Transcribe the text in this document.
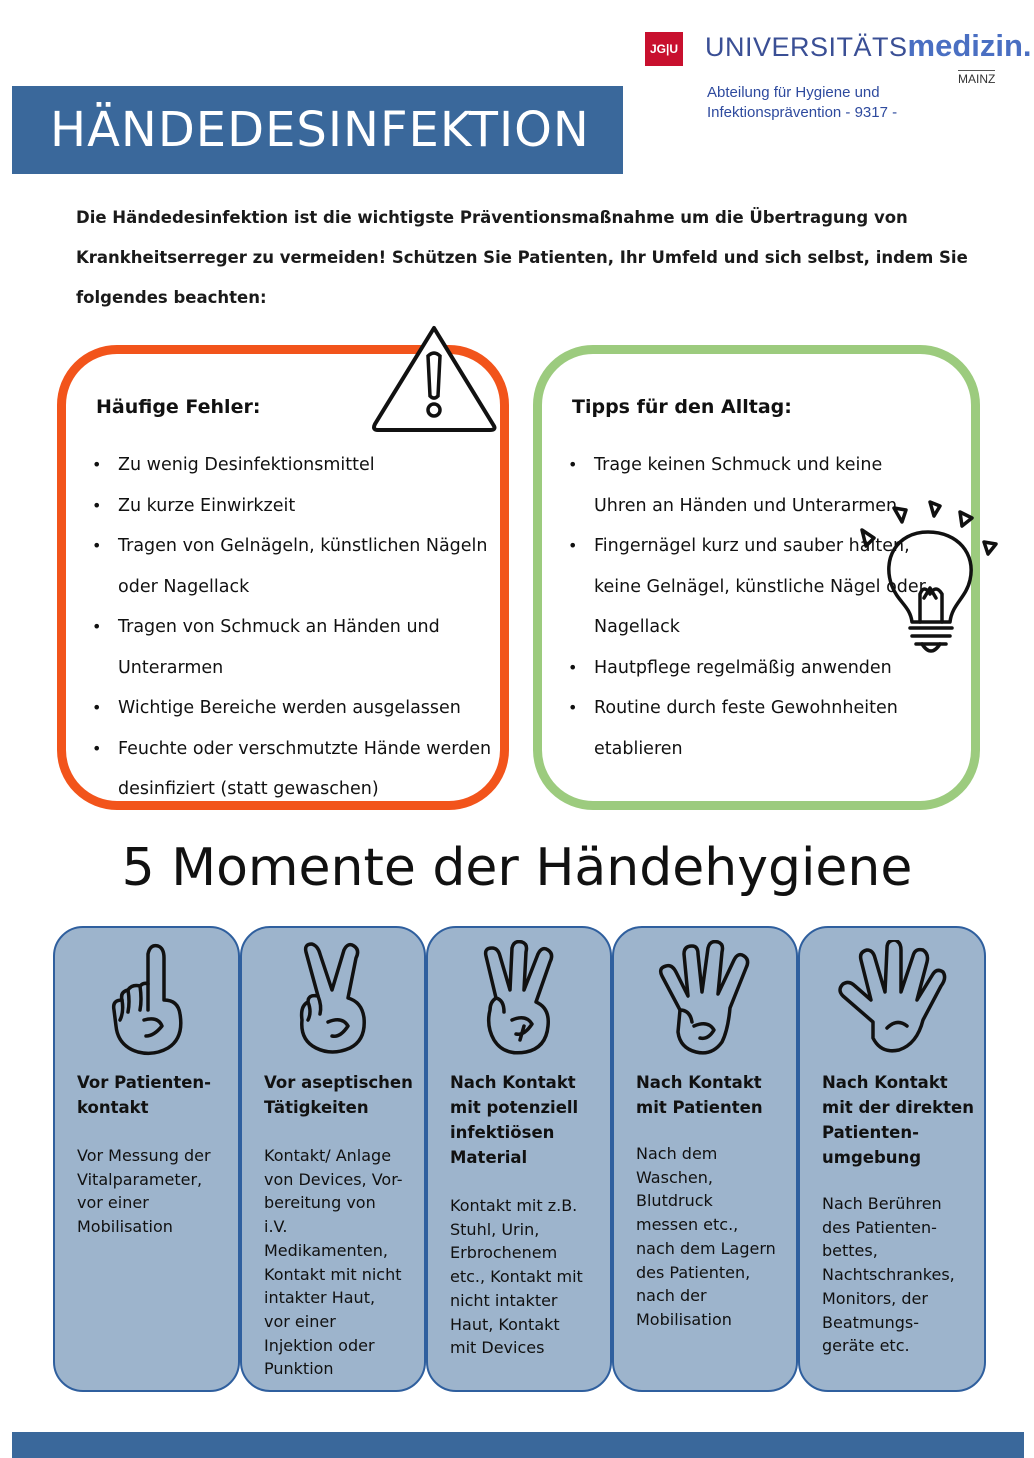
JG|U UNIVERSITÄTSmedizin.
MAINZ
Abteilung für Hygiene und
Infektionsprävention - 9317 -
HÄNDEDESINFEKTION
Die Händedesinfektion ist die wichtigste Präventionsmaßnahme um die Übertragung von Krankheitserreger zu vermeiden! Schützen Sie Patienten, Ihr Umfeld und sich selbst, indem Sie folgendes beachten:
Häufige Fehler:
• Zu wenig Desinfektionsmittel
• Zu kurze Einwirkzeit
• Tragen von Gelnägeln, künstlichen Nägeln oder Nagellack
• Tragen von Schmuck an Händen und Unterarmen
• Wichtige Bereiche werden ausgelassen
• Feuchte oder verschmutzte Hände werden desinfiziert (statt gewaschen)
Tipps für den Alltag:
• Trage keinen Schmuck und keine Uhren an Händen und Unterarmen
• Fingernägel kurz und sauber halten, keine Gelnägel, künstliche Nägel oder Nagellack
• Hautpflege regelmäßig anwenden
• Routine durch feste Gewohnheiten etablieren
5 Momente der Händehygiene
Vor Patienten-
kontakt
Vor Messung der
Vitalparameter,
vor einer
Mobilisation
Vor aseptischen
Tätigkeiten
Kontakt/ Anlage
von Devices, Vor-
bereitung von
i.V.
Medikamenten,
Kontakt mit nicht
intakter Haut,
vor einer
Injektion oder
Punktion
Nach Kontakt
mit potenziell
infektiösen
Material
Kontakt mit z.B.
Stuhl, Urin,
Erbrochenem
etc., Kontakt mit
nicht intakter
Haut, Kontakt
mit Devices
Nach Kontakt
mit Patienten
Nach dem
Waschen,
Blutdruck
messen etc.,
nach dem Lagern
des Patienten,
nach der
Mobilisation
Nach Kontakt
mit der direkten
Patienten-
umgebung
Nach Berühren
des Patienten-
bettes,
Nachtschrankes,
Monitors, der
Beatmungs-
geräte etc.
